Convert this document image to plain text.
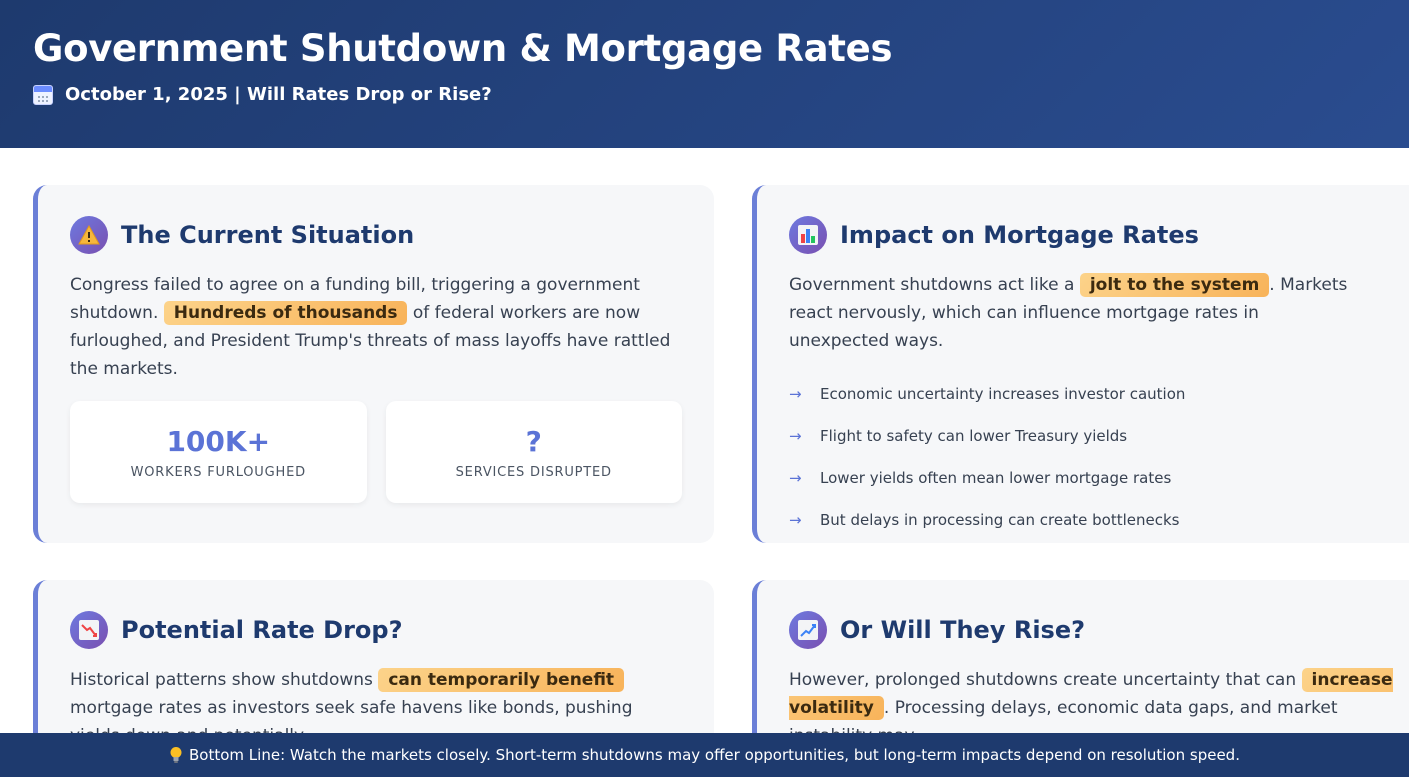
Government Shutdown & Mortgage Rates
October 1, 2025 | Will Rates Drop or Rise?
The Current Situation

Congress failed to agree on a funding bill, triggering a government shutdown. Hundreds of thousands of federal workers are now furloughed, and President Trump's threats of mass layoffs have rattled the markets.

100K+
WORKERS FURLOUGHED
?
SERVICES DISRUPTED
Impact on Mortgage Rates

Government shutdowns act like a jolt to the system . Markets react nervously, which can influence mortgage rates in unexpected ways.

→	Economic uncertainty increases investor caution
→	Flight to safety can lower Treasury yields
→	Lower yields often mean lower mortgage rates
→	But delays in processing can create bottlenecks
Potential Rate Drop?

Historical patterns show shutdowns can temporarily benefit mortgage rates as investors seek safe havens like bonds, pushing

Or Will They Rise?

However, prolonged shutdowns create uncertainty that can increase volatility . Processing delays, economic data gaps, and market

Bottom Line: Watch the markets closely. Short-term shutdowns may offer opportunities, but long-term impacts depend on resolution speed.
